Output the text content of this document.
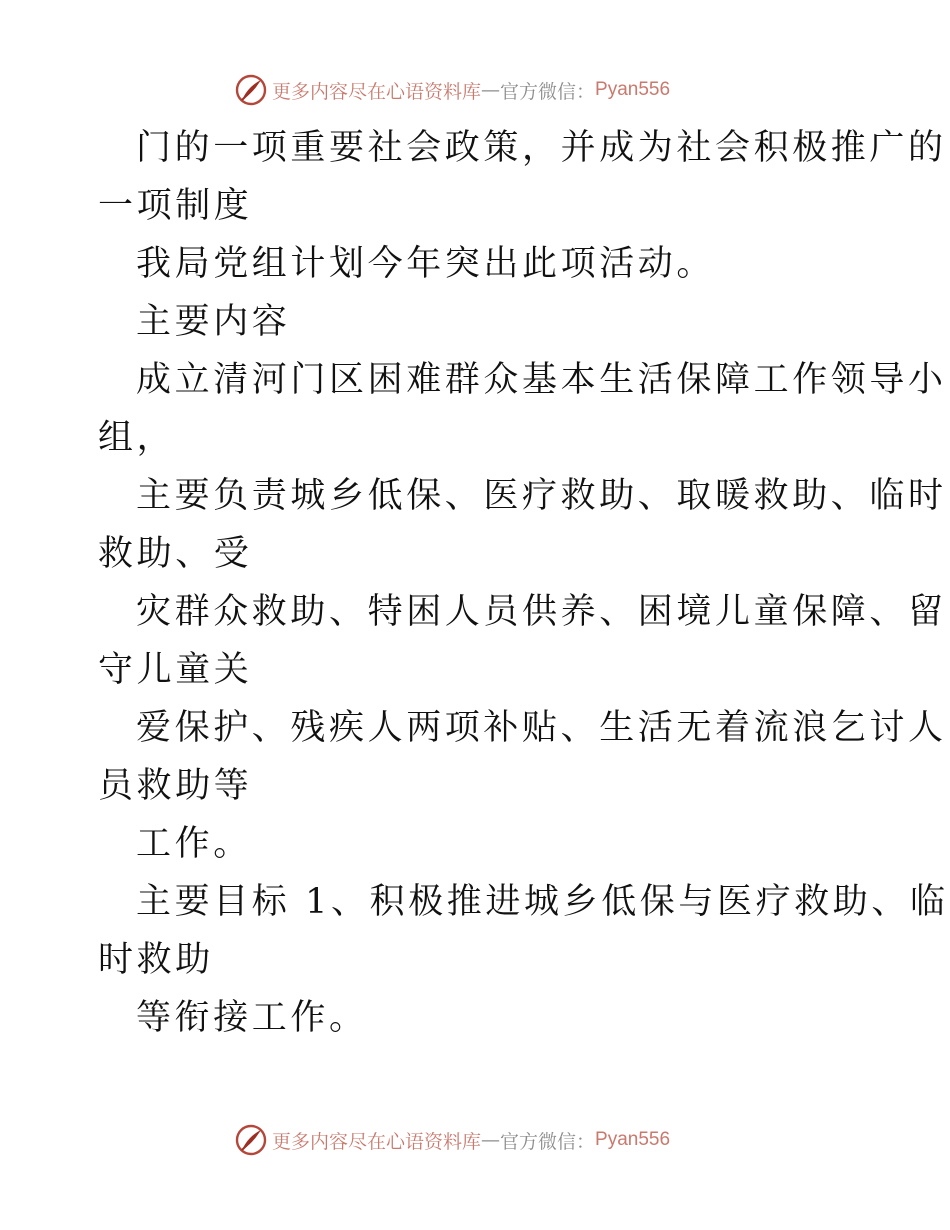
更多内容尽在心语资料库 — 官方微信： Pyan556
门的一项重要社会政策，并成为社会积极推广的
一项制度
我局党组计划今年突出此项活动。
主要内容
成立清河门区困难群众基本生活保障工作领导小
组，
主要负责城乡低保、医疗救助、取暖救助、临时
救助、受
灾群众救助、特困人员供养、困境儿童保障、留
守儿童关
爱保护、残疾人两项补贴、生活无着流浪乞讨人
员救助等
工作。
主要目标 1、积极推进城乡低保与医疗救助、临
时救助
等衔接工作。
更多内容尽在心语资料库 — 官方微信： Pyan556
